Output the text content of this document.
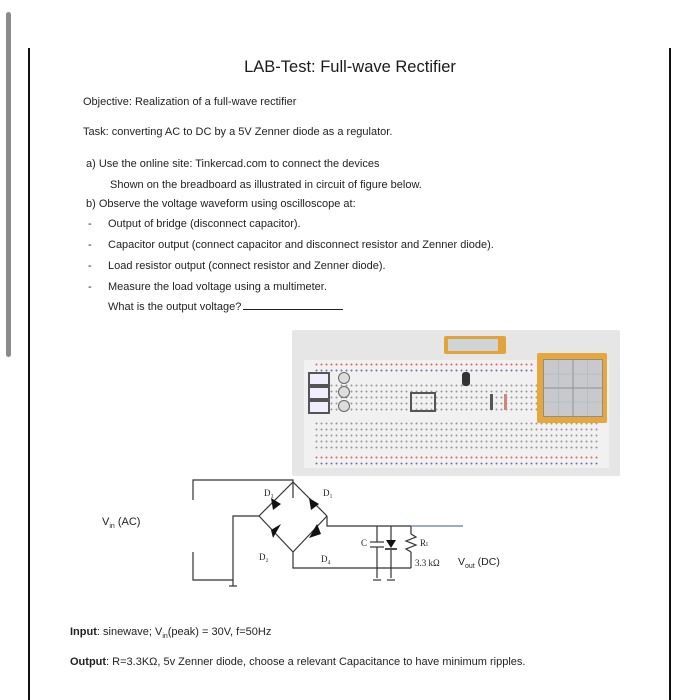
LAB-Test: Full-wave Rectifier
Objective: Realization of a full-wave rectifier
Task: converting AC to DC by a 5V Zenner diode as a regulator.
a) Use the online site: Tinkercad.com to connect the devices
Shown on the breadboard as illustrated in circuit of figure below.
b) Observe the voltage waveform using oscilloscope at:
- Output of bridge (disconnect capacitor).
- Capacitor output (connect capacitor and disconnect resistor and Zenner diode).
- Load resistor output (connect resistor and Zenner diode).
- Measure the load voltage using a multimeter.
What is the output voltage?
D₃	D₁
D₂	D₄
C	Rₗ
3.3 kΩ $V_{out}$ (DC)
$V_{in}$ (AC)
Input: sinewave; $V_{in}(peak) = 30V$, f=50Hz
Output: R=3.3KΩ, 5v Zenner diode, choose a relevant Capacitance to have minimum ripples.
